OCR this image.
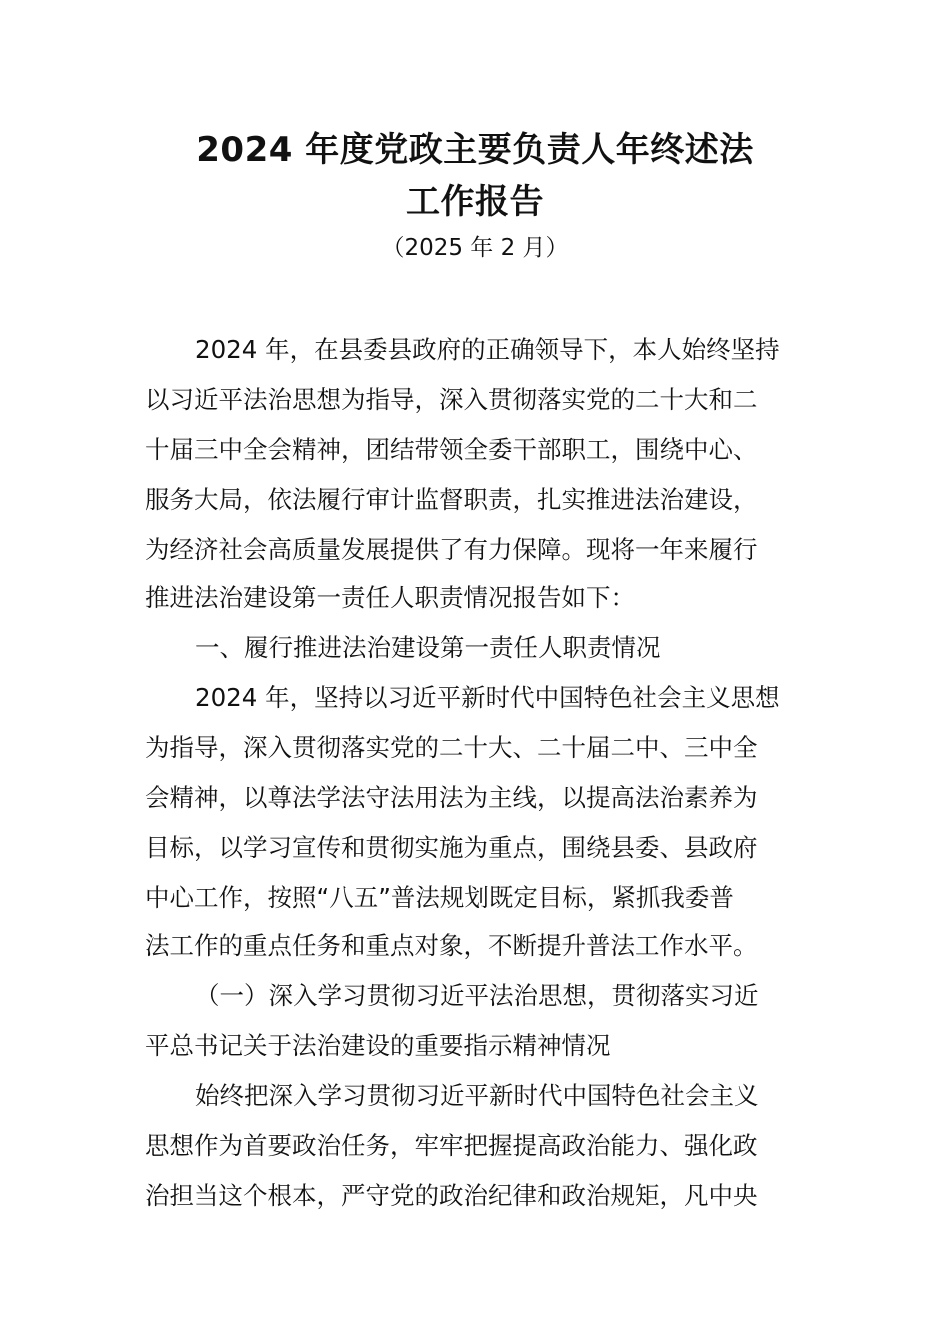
2024 年度党政主要负责人年终述法
工作报告
（2025 年 2 月）
2024 年，在县委县政府的正确领导下，本人始终坚持
以习近平法治思想为指导，深入贯彻落实党的二十大和二
十届三中全会精神，团结带领全委干部职工，围绕中心、
服务大局，依法履行审计监督职责，扎实推进法治建设，
为经济社会高质量发展提供了有力保障。现将一年来履行
推进法治建设第一责任人职责情况报告如下：
一、履行推进法治建设第一责任人职责情况
2024 年，坚持以习近平新时代中国特色社会主义思想
为指导，深入贯彻落实党的二十大、二十届二中、三中全
会精神，以尊法学法守法用法为主线，以提高法治素养为
目标，以学习宣传和贯彻实施为重点，围绕县委、县政府
中心工作，按照“八五”普法规划既定目标，紧抓我委普
法工作的重点任务和重点对象，不断提升普法工作水平。
（一）深入学习贯彻习近平法治思想，贯彻落实习近
平总书记关于法治建设的重要指示精神情况
始终把深入学习贯彻习近平新时代中国特色社会主义
思想作为首要政治任务，牢牢把握提高政治能力、强化政
治担当这个根本，严守党的政治纪律和政治规矩，凡中央
